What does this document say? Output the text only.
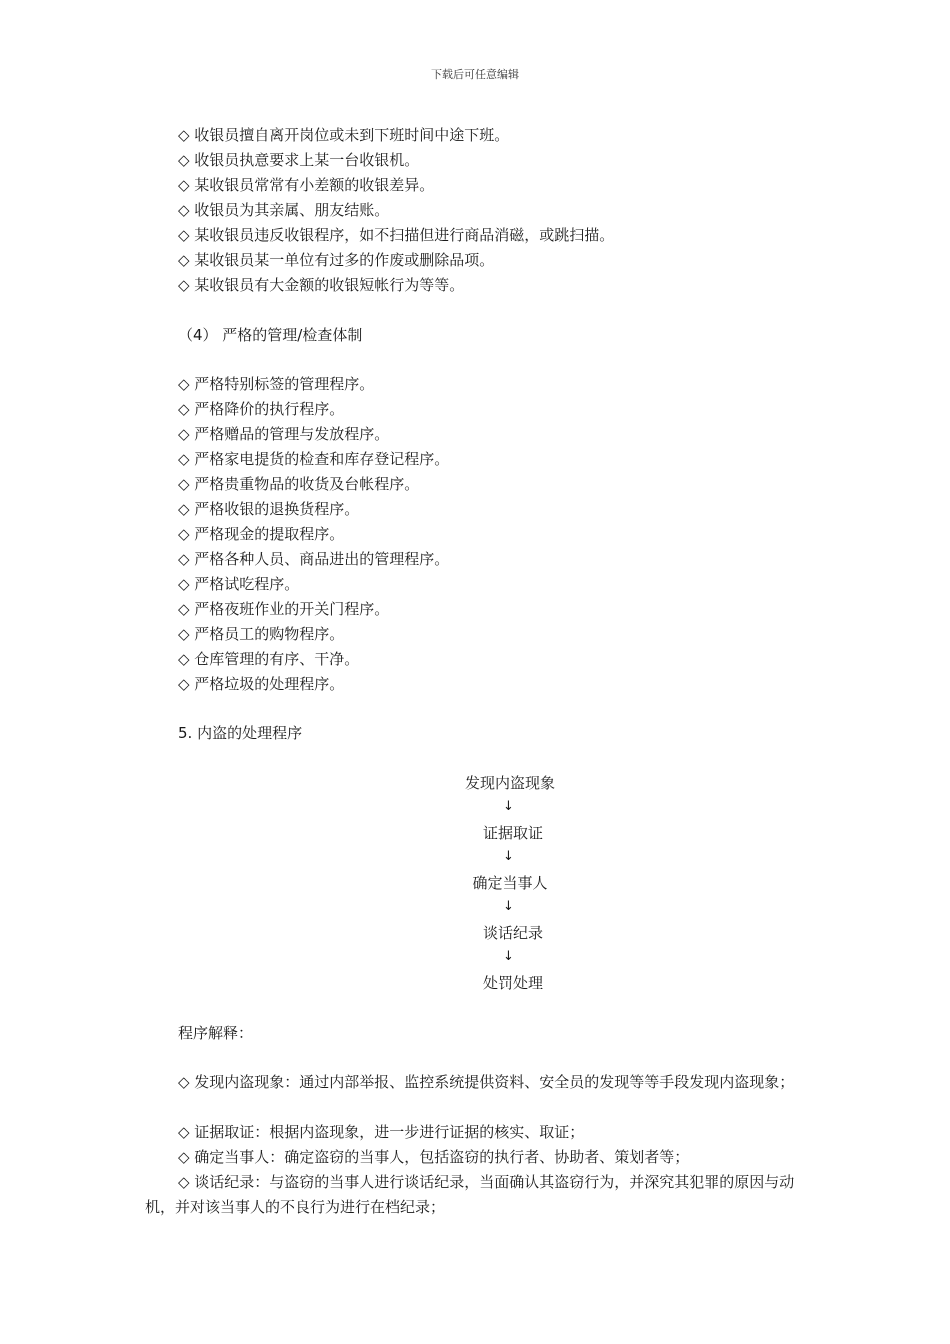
下载后可任意编辑
◇ 收银员擅自离开岗位或未到下班时间中途下班。
◇ 收银员执意要求上某一台收银机。
◇ 某收银员常常有小差额的收银差异。
◇ 收银员为其亲属、朋友结账。
◇ 某收银员违反收银程序，如不扫描但进行商品消磁，或跳扫描。
◇ 某收银员某一单位有过多的作废或删除品项。
◇ 某收银员有大金额的收银短帐行为等等。
（4） 严格的管理/检查体制
◇ 严格特别标签的管理程序。
◇ 严格降价的执行程序。
◇ 严格赠品的管理与发放程序。
◇ 严格家电提货的检查和库存登记程序。
◇ 严格贵重物品的收货及台帐程序。
◇ 严格收银的退换货程序。
◇ 严格现金的提取程序。
◇ 严格各种人员、商品进出的管理程序。
◇ 严格试吃程序。
◇ 严格夜班作业的开关门程序。
◇ 严格员工的购物程序。
◇ 仓库管理的有序、干净。
◇ 严格垃圾的处理程序。
5. 内盗的处理程序
发现内盗现象
↓
证据取证
↓
确定当事人
↓
谈话纪录
↓
处罚处理
程序解释：
◇ 发现内盗现象：通过内部举报、监控系统提供资料、安全员的发现等等手段发现内盗现象；
◇ 证据取证：根据内盗现象，进一步进行证据的核实、取证；
◇ 确定当事人：确定盗窃的当事人，包括盗窃的执行者、协助者、策划者等；
◇ 谈话纪录：与盗窃的当事人进行谈话纪录，当面确认其盗窃行为，并深究其犯罪的原因与动机，并对该当事人的不良行为进行在档纪录；
